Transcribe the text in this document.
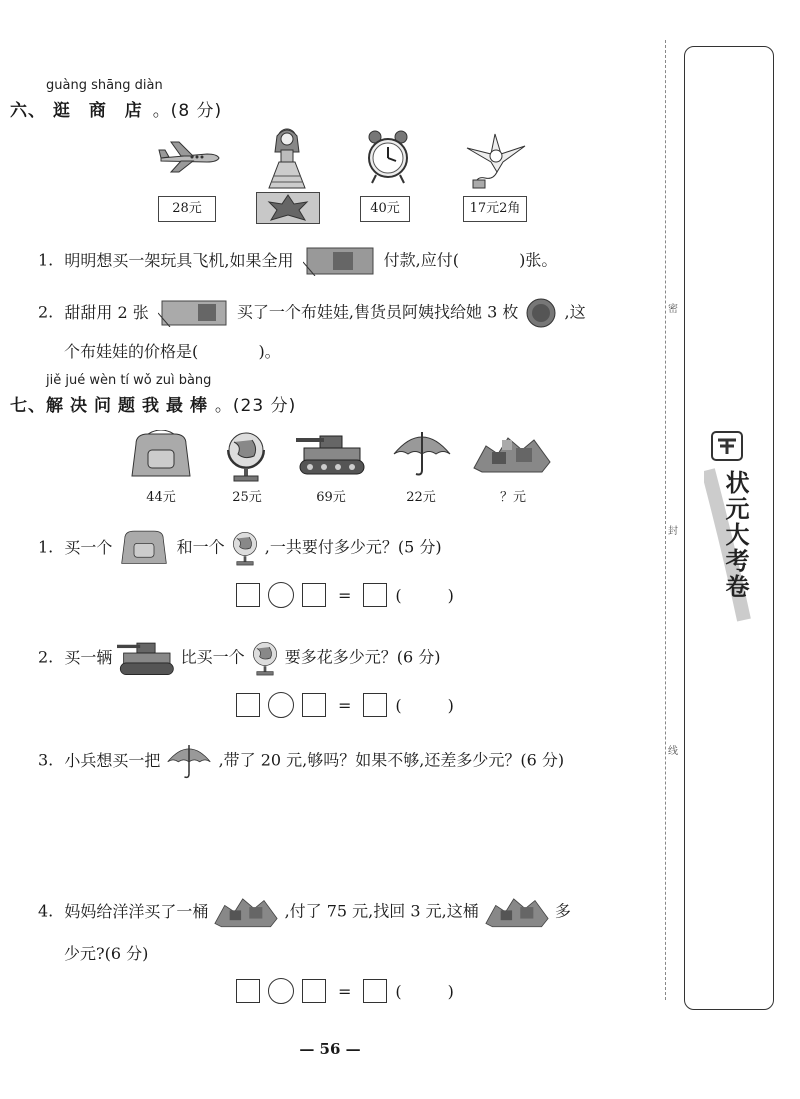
guàng shāng diàn
六、 逛 商 店 。(8 分)
28元	40元	17元2角
1. 明明想买一架玩具飞机,如果全用	付款,应付(	)张。
2. 甜甜用 2 张	买了一个布娃娃,售货员阿姨找给她 3 枚	,这
个布娃娃的价格是(	)。
jiě jué wèn tí wǒ zuì bàng
七、解 决 问 题 我 最 棒 。(23 分)
44元	25元	69元	22元	？元
1. 买一个	和一个	,一共要付多少元？(5 分)
=	(	)
2. 买一辆	比买一个	要多花多少元？(6 分)
=	(	)
3. 小兵想买一把	,带了 20 元,够吗？如果不够,还差多少元？(6 分)
4. 妈妈给洋洋买了一桶	,付了 75 元,找回 3 元,这桶	多
少元?(6 分)
=	(	)
— 56 —
密
封
线
状元大考卷
